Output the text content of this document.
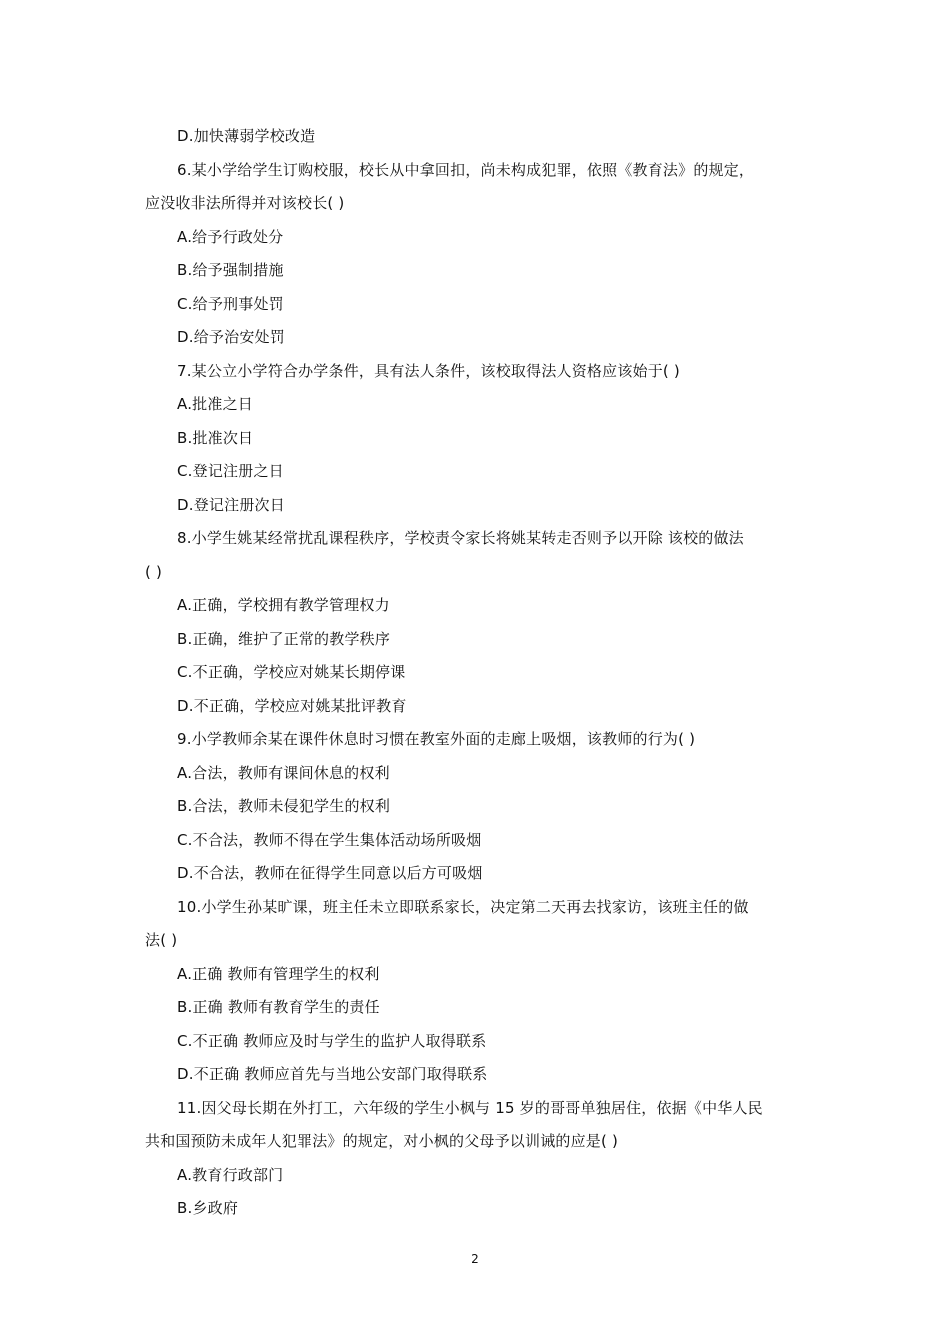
D.加快薄弱学校改造
6.某小学给学生订购校服，校长从中拿回扣，尚未构成犯罪，依照《教育法》的规定，
应没收非法所得并对该校长( )
A.给予行政处分
B.给予强制措施
C.给予刑事处罚
D.给予治安处罚
7.某公立小学符合办学条件，具有法人条件，该校取得法人资格应该始于( )
A.批准之日
B.批准次日
C.登记注册之日
D.登记注册次日
8.小学生姚某经常扰乱课程秩序，学校责令家长将姚某转走否则予以开除 该校的做法
( )
A.正确，学校拥有教学管理权力
B.正确，维护了正常的教学秩序
C.不正确，学校应对姚某长期停课
D.不正确，学校应对姚某批评教育
9.小学教师余某在课件休息时习惯在教室外面的走廊上吸烟，该教师的行为( )
A.合法，教师有课间休息的权利
B.合法，教师未侵犯学生的权利
C.不合法，教师不得在学生集体活动场所吸烟
D.不合法，教师在征得学生同意以后方可吸烟
10.小学生孙某旷课，班主任未立即联系家长，决定第二天再去找家访，该班主任的做
法( )
A.正确 教师有管理学生的权利
B.正确 教师有教育学生的责任
C.不正确 教师应及时与学生的监护人取得联系
D.不正确 教师应首先与当地公安部门取得联系
11.因父母长期在外打工，六年级的学生小枫与 15 岁的哥哥单独居住，依据《中华人民
共和国预防未成年人犯罪法》的规定，对小枫的父母予以训诫的应是( )
A.教育行政部门
B.乡政府
2
